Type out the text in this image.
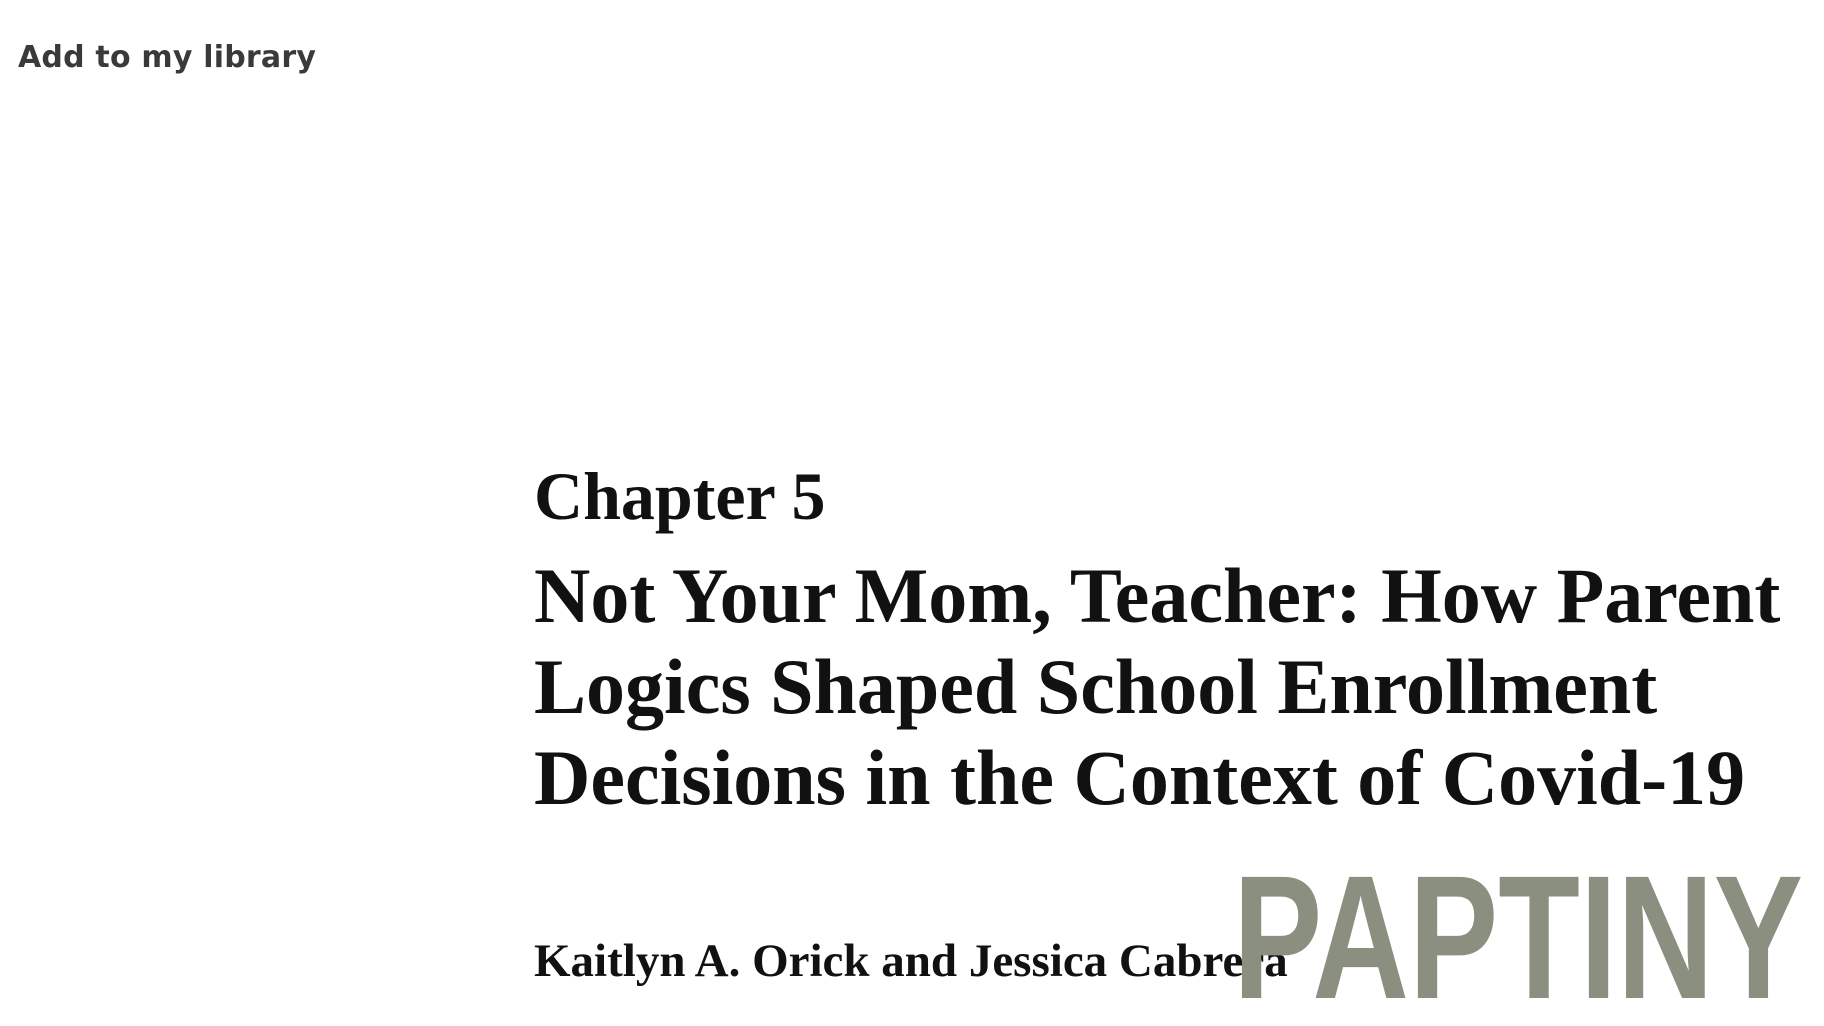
Add to my library
Chapter 5
Not Your Mom, Teacher: How Parent
Logics Shaped School Enrollment
Decisions in the Context of Covid-19
Kaitlyn A. Orick and Jessica Cabrera
PAPTINY
